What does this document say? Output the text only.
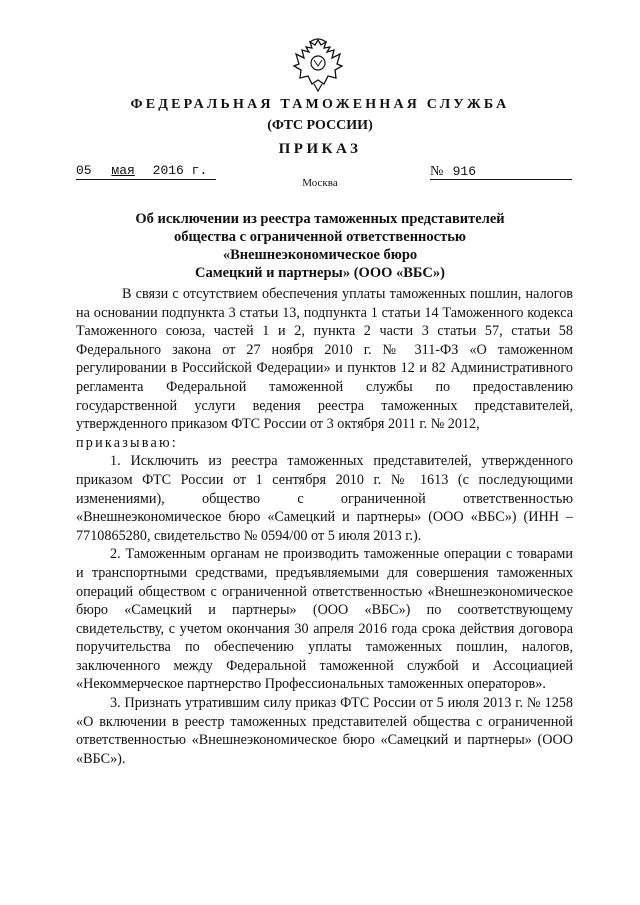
ФЕДЕРАЛЬНАЯ ТАМОЖЕННАЯ СЛУЖБА
(ФТС РОССИИ)
ПРИКАЗ
05 мая 2016 г.	№ 916
Москва
Об исключении из реестра таможенных представителей
общества с ограниченной ответственностью «Внешнеэкономическое бюро
Самецкий и партнеры» (ООО «ВБС»)

В связи с отсутствием обеспечения уплаты таможенных пошлин, налогов на основании подпункта 3 статьи 13, подпункта 1 статьи 14 Таможенного кодекса Таможенного союза, частей 1 и 2, пункта 2 части 3 статьи 57, статьи 58 Федерального закона от 27 ноября 2010 г. № 311-ФЗ «О таможенном регулировании в Российской Федерации» и пунктов 12 и 82 Административного регламента Федеральной таможенной службы по предоставлению государственной услуги ведения реестра таможенных представителей, утвержденного приказом ФТС России от 3 октября 2011 г. № 2012,

приказываю:

1. Исключить из реестра таможенных представителей, утвержденного приказом ФТС России от 1 сентября 2010 г. № 1613 (с последующими изменениями), общество с ограниченной ответственностью «Внешнеэкономическое бюро «Самецкий и партнеры» (ООО «ВБС») (ИНН – 7710865280, свидетельство № 0594/00 от 5 июля 2013 г.).

2. Таможенным органам не производить таможенные операции с товарами и транспортными средствами, предъявляемыми для совершения таможенных операций обществом с ограниченной ответственностью «Внешнеэкономическое бюро «Самецкий и партнеры» (ООО «ВБС») по соответствующему свидетельству, с учетом окончания 30 апреля 2016 года срока действия договора поручительства по обеспечению уплаты таможенных пошлин, налогов, заключенного между Федеральной таможенной службой и Ассоциацией «Некоммерческое партнерство Профессиональных таможенных операторов».

3. Признать утратившим силу приказ ФТС России от 5 июля 2013 г. № 1258 «О включении в реестр таможенных представителей общества с ограниченной ответственностью «Внешнеэкономическое бюро «Самецкий и партнеры» (ООО «ВБС»).
